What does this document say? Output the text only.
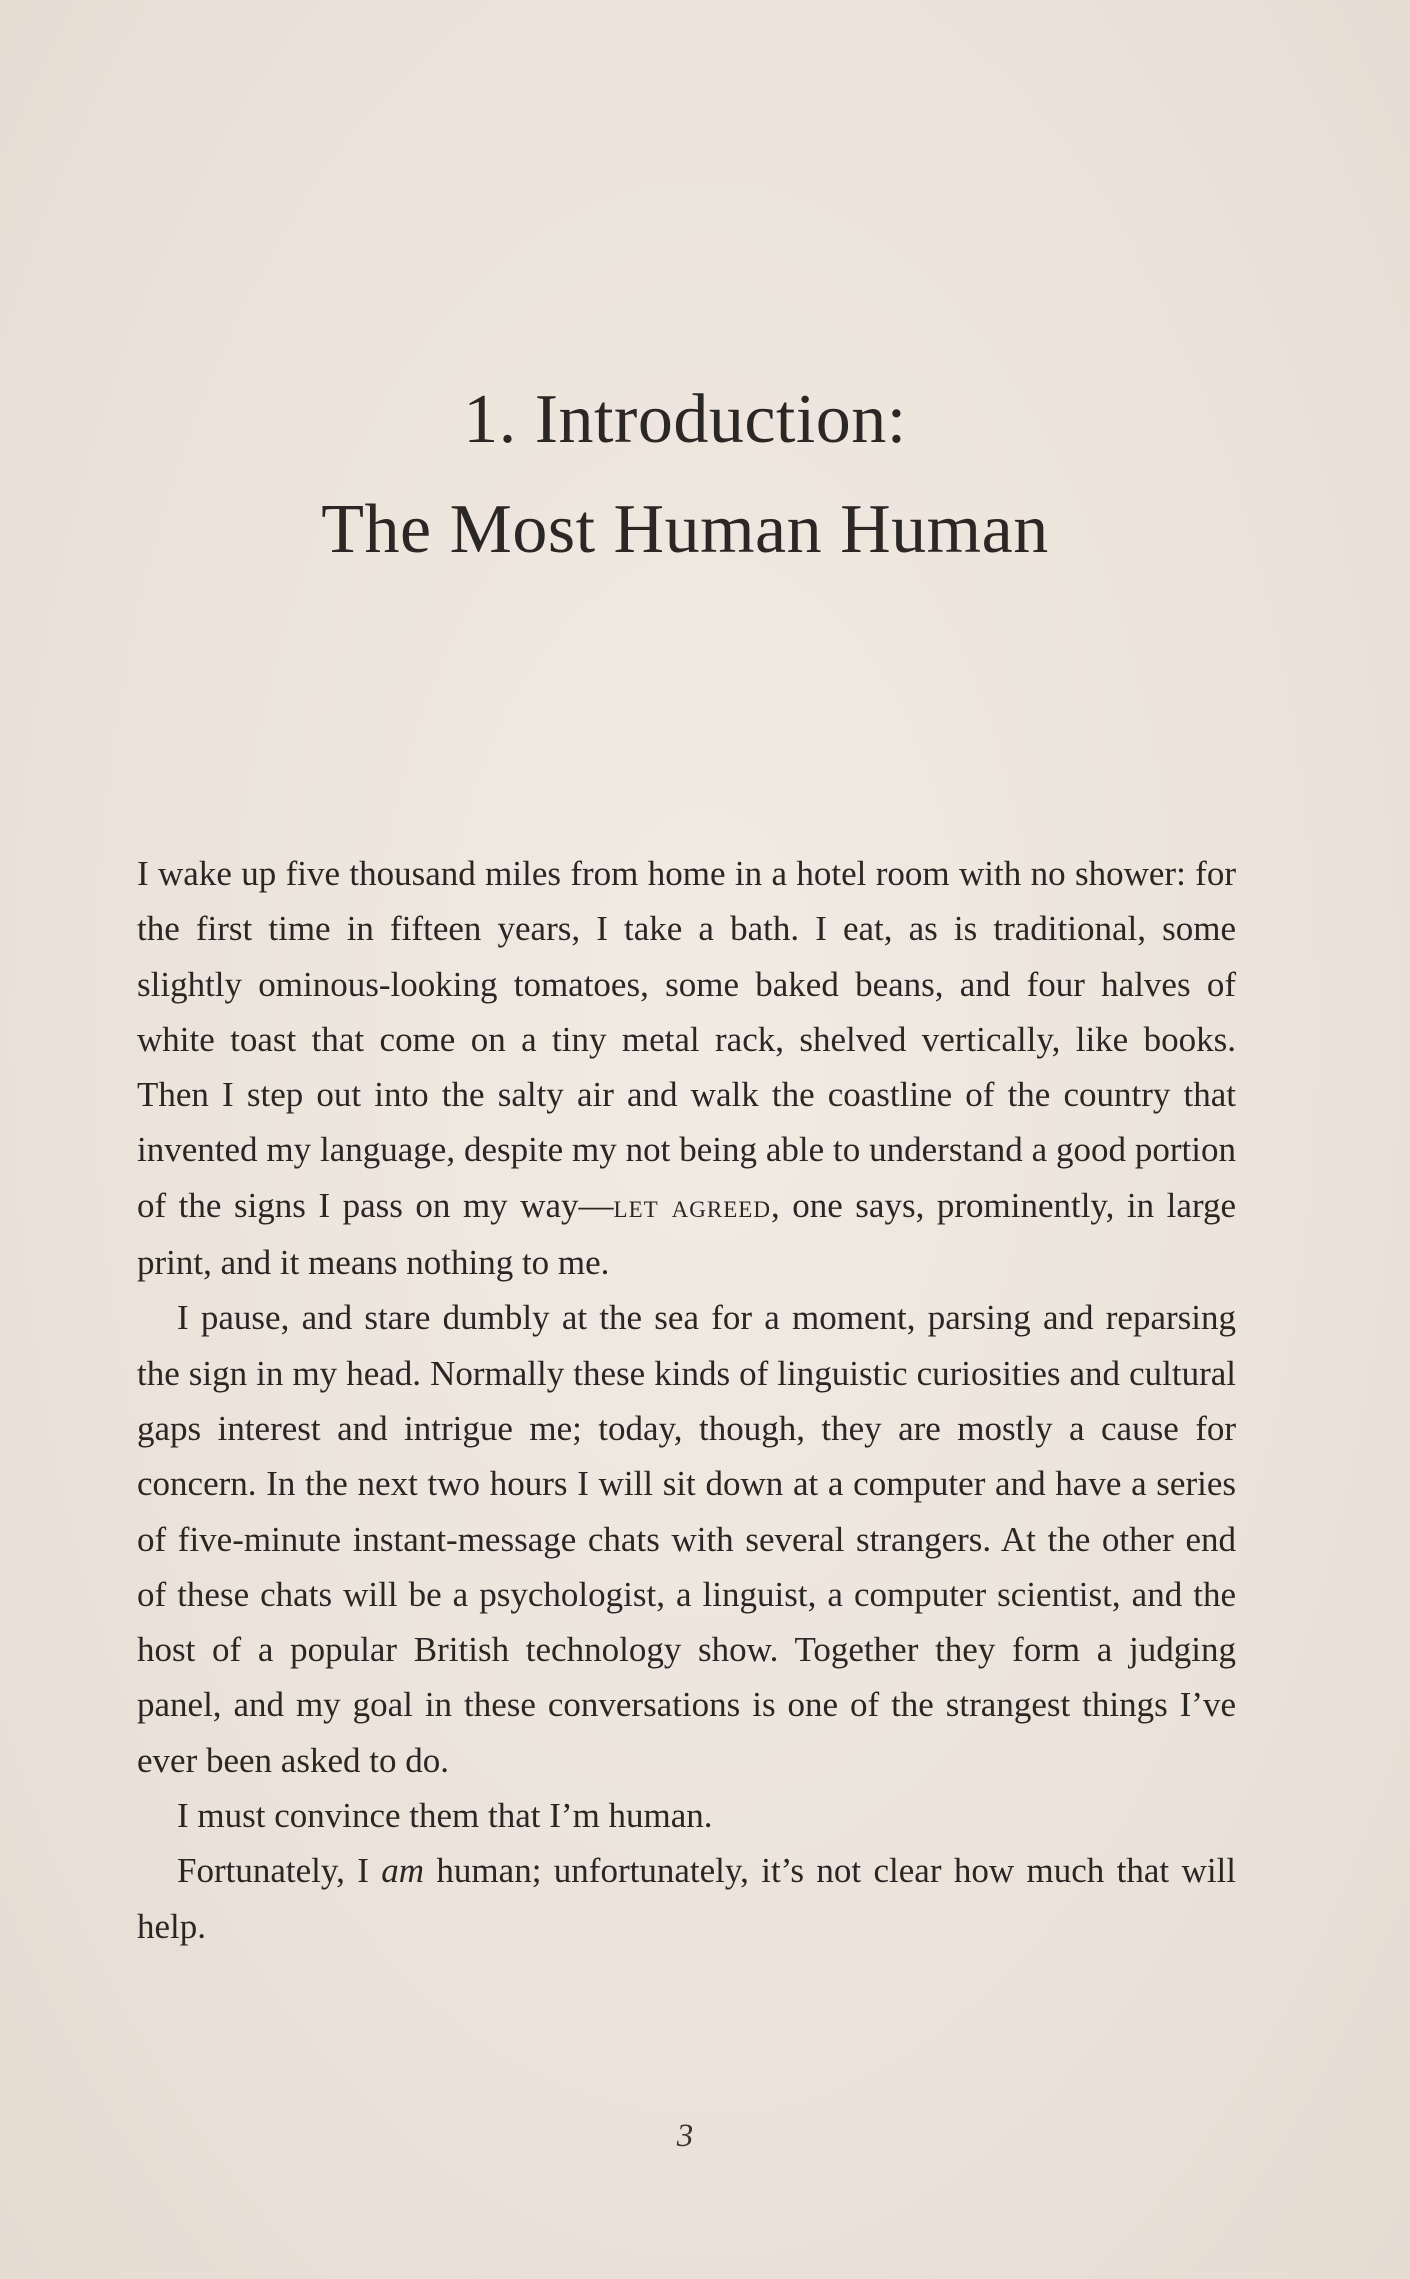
1. Introduction:
The Most Human Human

I wake up five thousand miles from home in a hotel room with no shower: for the first time in fifteen years, I take a bath. I eat, as is traditional, some slightly ominous-looking tomatoes, some baked beans, and four halves of white toast that come on a tiny metal rack, shelved vertically, like books. Then I step out into the salty air and walk the coastline of the country that invented my language, despite my not being able to understand a good portion of the signs I pass on my way—let agreed, one says, prominently, in large print, and it means nothing to me.

I pause, and stare dumbly at the sea for a moment, parsing and reparsing the sign in my head. Normally these kinds of linguistic curiosities and cultural gaps interest and intrigue me; today, though, they are mostly a cause for concern. In the next two hours I will sit down at a computer and have a series of five-minute instant-message chats with several strangers. At the other end of these chats will be a psychologist, a linguist, a computer scientist, and the host of a popular British technology show. Together they form a judging panel, and my goal in these conversations is one of the strangest things I’ve ever been asked to do.

I must convince them that I’m human.

Fortunately, I am human; unfortunately, it’s not clear how much that will help.

3
